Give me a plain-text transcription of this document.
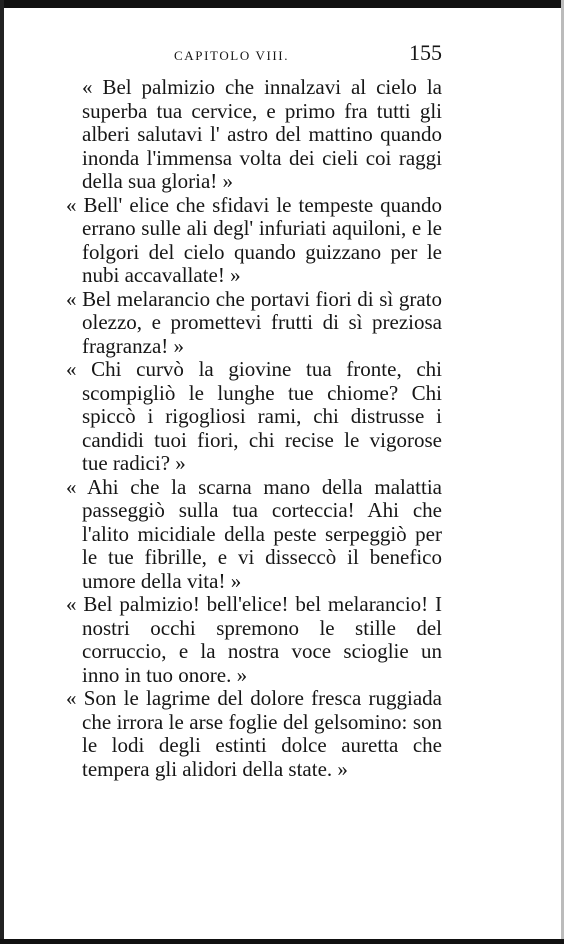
CAPITOLO VIII.	155

« Bel palmizio che innalzavi al cielo la superba tua cervice, e primo fra tutti gli alberi salutavi l' astro del mattino quando inonda l'immensa volta dei cieli coi raggi della sua gloria! »

« Bell' elice che sfidavi le tempeste quando errano sulle ali degl' infuriati aquiloni, e le folgori del cielo quando guizzano per le nubi accavallate! »

« Bel melarancio che portavi fiori di sì grato olezzo, e promettevi frutti di sì preziosa fragranza! »

« Chi curvò la giovine tua fronte, chi scompigliò le lunghe tue chiome? Chi spiccò i rigogliosi rami, chi distrusse i candidi tuoi fiori, chi recise le vigorose tue radici? »

« Ahi che la scarna mano della malattia passeggiò sulla tua corteccia! Ahi che l'alito micidiale della peste serpeggiò per le tue fibrille, e vi disseccò il benefico umore della vita! »

« Bel palmizio! bell'elice! bel melarancio! I nostri occhi spremono le stille del corruccio, e la nostra voce scioglie un inno in tuo onore. »

« Son le lagrime del dolore fresca ruggiada che irrora le arse foglie del gelsomino: son le lodi degli estinti dolce auretta che tempera gli alidori della state. »
